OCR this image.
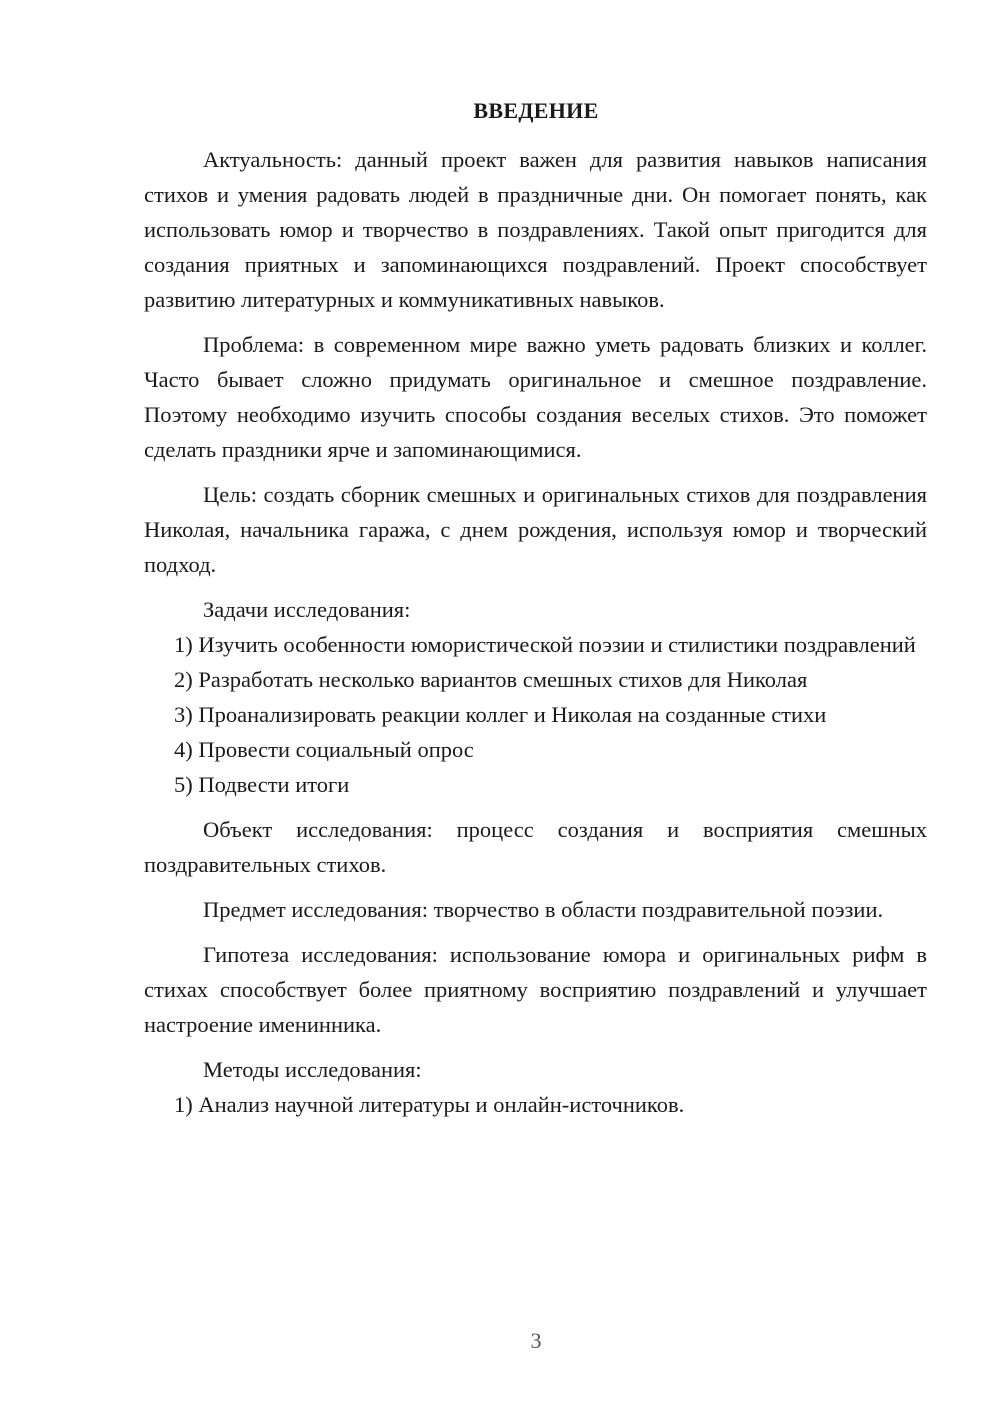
ВВЕДЕНИЕ

Актуальность: данный проект важен для развития навыков написания стихов и умения радовать людей в праздничные дни. Он помогает понять, как использовать юмор и творчество в поздравлениях. Такой опыт пригодится для создания приятных и запоминающихся поздравлений. Проект способствует развитию литературных и коммуникативных навыков.

Проблема: в современном мире важно уметь радовать близких и коллег. Часто бывает сложно придумать оригинальное и смешное поздравление. Поэтому необходимо изучить способы создания веселых стихов. Это поможет сделать праздники ярче и запоминающимися.

Цель: создать сборник смешных и оригинальных стихов для поздравления Николая, начальника гаража, с днем рождения, используя юмор и творческий подход.

Задачи исследования:

1) Изучить особенности юмористической поэзии и стилистики поздравлений

2) Разработать несколько вариантов смешных стихов для Николая

3) Проанализировать реакции коллег и Николая на созданные стихи

4) Провести социальный опрос

5) Подвести итоги

Объект исследования: процесс создания и восприятия смешных поздравительных стихов.

Предмет исследования: творчество в области поздравительной поэзии.

Гипотеза исследования: использование юмора и оригинальных рифм в стихах способствует более приятному восприятию поздравлений и улучшает настроение именинника.

Методы исследования:

1) Анализ научной литературы и онлайн-источников.

3
